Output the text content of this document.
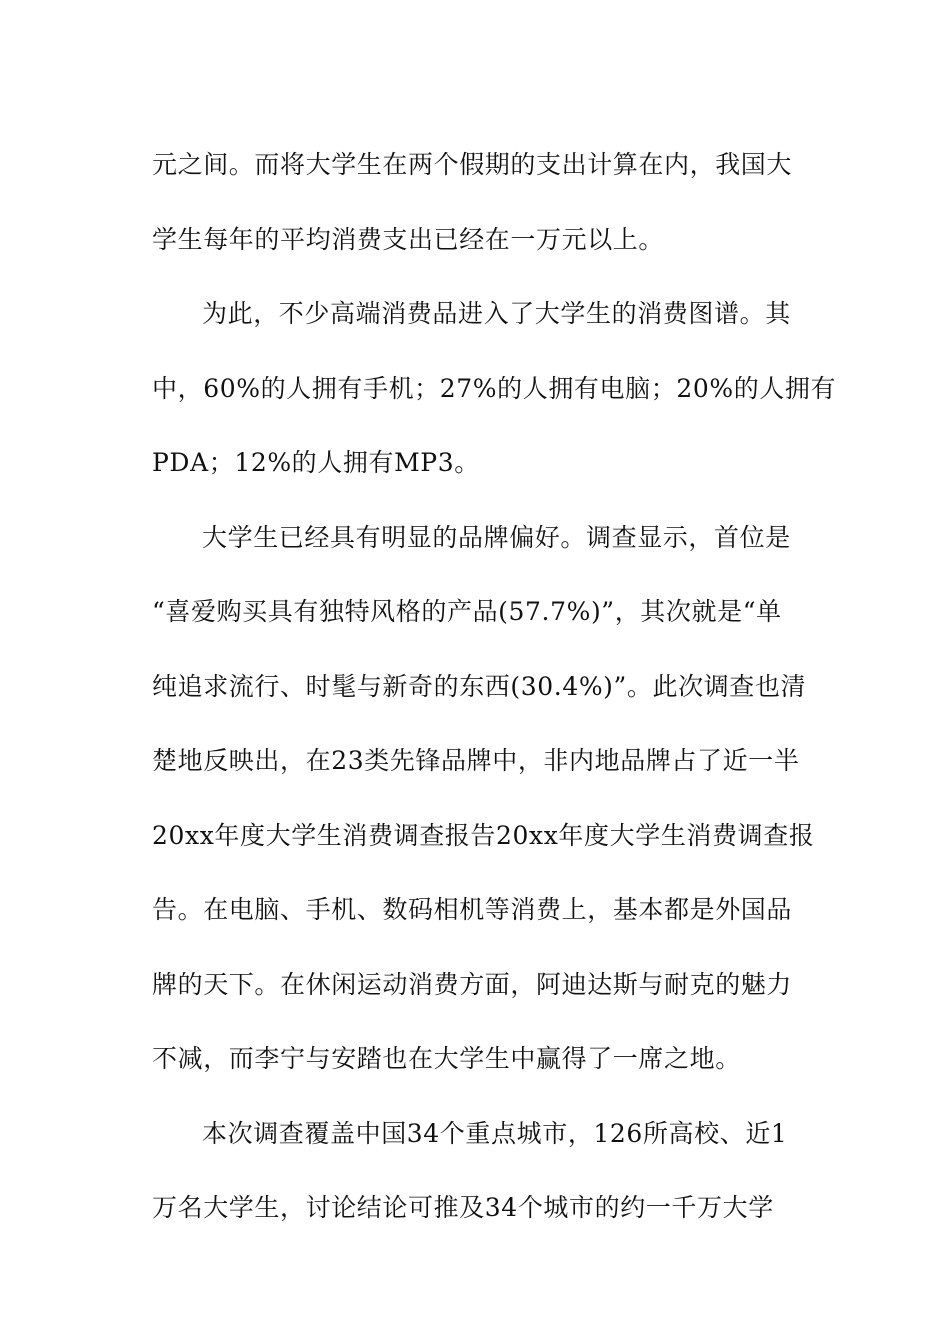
元之间。而将大学生在两个假期的支出计算在内，我国大
学生每年的平均消费支出已经在一万元以上。
为此，不少高端消费品进入了大学生的消费图谱。其
中，60%的人拥有手机；27%的人拥有电脑；20%的人拥有
PDA；12%的人拥有MP3。
大学生已经具有明显的品牌偏好。调查显示，首位是
“喜爱购买具有独特风格的产品(57.7%)”，其次就是“单
纯追求流行、时髦与新奇的东西(30.4%)”。此次调查也清
楚地反映出，在23类先锋品牌中，非内地品牌占了近一半
20xx年度大学生消费调查报告20xx年度大学生消费调查报
告。在电脑、手机、数码相机等消费上，基本都是外国品
牌的天下。在休闲运动消费方面，阿迪达斯与耐克的魅力
不减，而李宁与安踏也在大学生中赢得了一席之地。
本次调查覆盖中国34个重点城市，126所高校、近1
万名大学生，讨论结论可推及34个城市的约一千万大学
